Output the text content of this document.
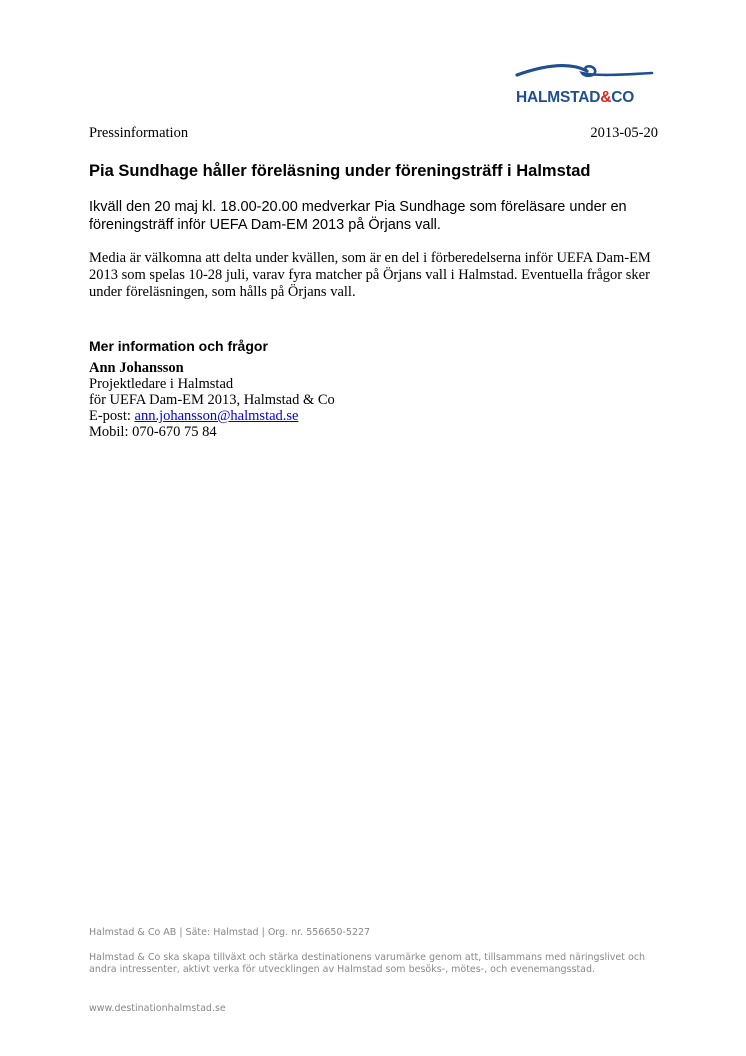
HALMSTAD&CO
Pressinformation	2013-05-20
Pia Sundhage håller föreläsning under föreningsträff i Halmstad

Ikväll den 20 maj kl. 18.00-20.00 medverkar Pia Sundhage som föreläsare under en föreningsträff inför UEFA Dam-EM 2013 på Örjans vall.

Media är välkomna att delta under kvällen, som är en del i förberedelserna inför UEFA Dam-EM 2013 som spelas 10-28 juli, varav fyra matcher på Örjans vall i Halmstad. Eventuella frågor sker under föreläsningen, som hålls på Örjans vall.

Mer information och frågor
Ann Johansson
Projektledare i Halmstad
för UEFA Dam-EM 2013, Halmstad & Co
E-post: ann.johansson@halmstad.se
Mobil: 070-670 75 84

Halmstad & Co AB | Säte: Halmstad | Org. nr. 556650-5227

Halmstad & Co ska skapa tillväxt och stärka destinationens varumärke genom att, tillsammans med näringslivet och andra intressenter, aktivt verka för utvecklingen av Halmstad som besöks-, mötes-, och evenemangsstad.

www.destinationhalmstad.se
